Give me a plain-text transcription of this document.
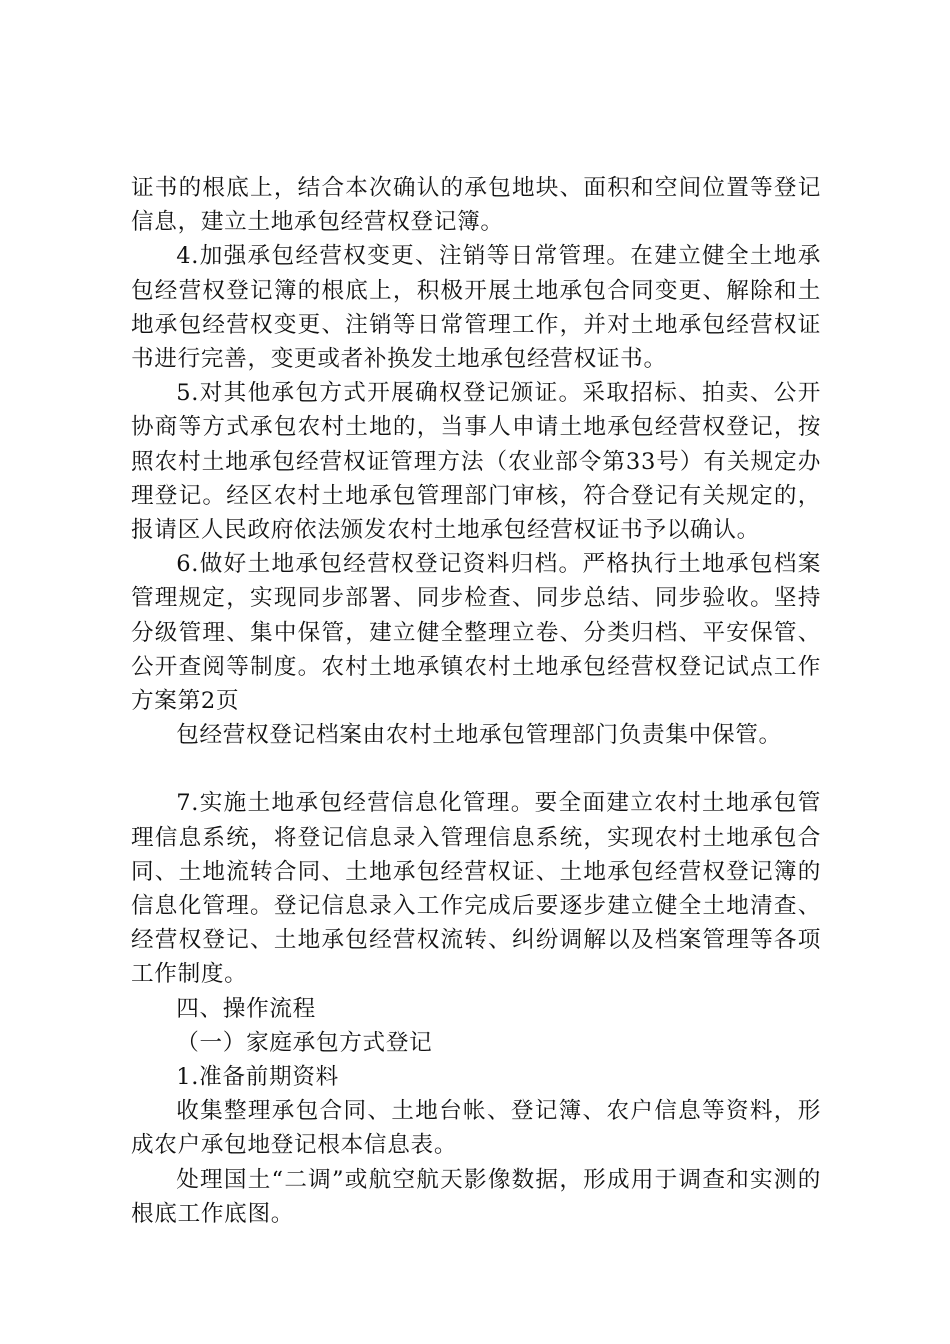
证书的根底上，结合本次确认的承包地块、面积和空间位置等登记信息，建立土地承包经营权登记簿。

4.加强承包经营权变更、注销等日常管理。在建立健全土地承包经营权登记簿的根底上，积极开展土地承包合同变更、解除和土地承包经营权变更、注销等日常管理工作，并对土地承包经营权证书进行完善，变更或者补换发土地承包经营权证书。

5.对其他承包方式开展确权登记颁证。采取招标、拍卖、公开协商等方式承包农村土地的，当事人申请土地承包经营权登记，按照农村土地承包经营权证管理方法（农业部令第33号）有关规定办理登记。经区农村土地承包管理部门审核，符合登记有关规定的，报请区人民政府依法颁发农村土地承包经营权证书予以确认。

6.做好土地承包经营权登记资料归档。严格执行土地承包档案管理规定，实现同步部署、同步检查、同步总结、同步验收。坚持分级管理、集中保管，建立健全整理立卷、分类归档、平安保管、公开查阅等制度。农村土地承镇农村土地承包经营权登记试点工作方案第2页

包经营权登记档案由农村土地承包管理部门负责集中保管。

7.实施土地承包经营信息化管理。要全面建立农村土地承包管理信息系统，将登记信息录入管理信息系统，实现农村土地承包合同、土地流转合同、土地承包经营权证、土地承包经营权登记簿的信息化管理。登记信息录入工作完成后要逐步建立健全土地清查、经营权登记、土地承包经营权流转、纠纷调解以及档案管理等各项工作制度。

四、操作流程

（一）家庭承包方式登记

1.准备前期资料

收集整理承包合同、土地台帐、登记簿、农户信息等资料，形成农户承包地登记根本信息表。

处理国土“二调”或航空航天影像数据，形成用于调查和实测的根底工作底图。
